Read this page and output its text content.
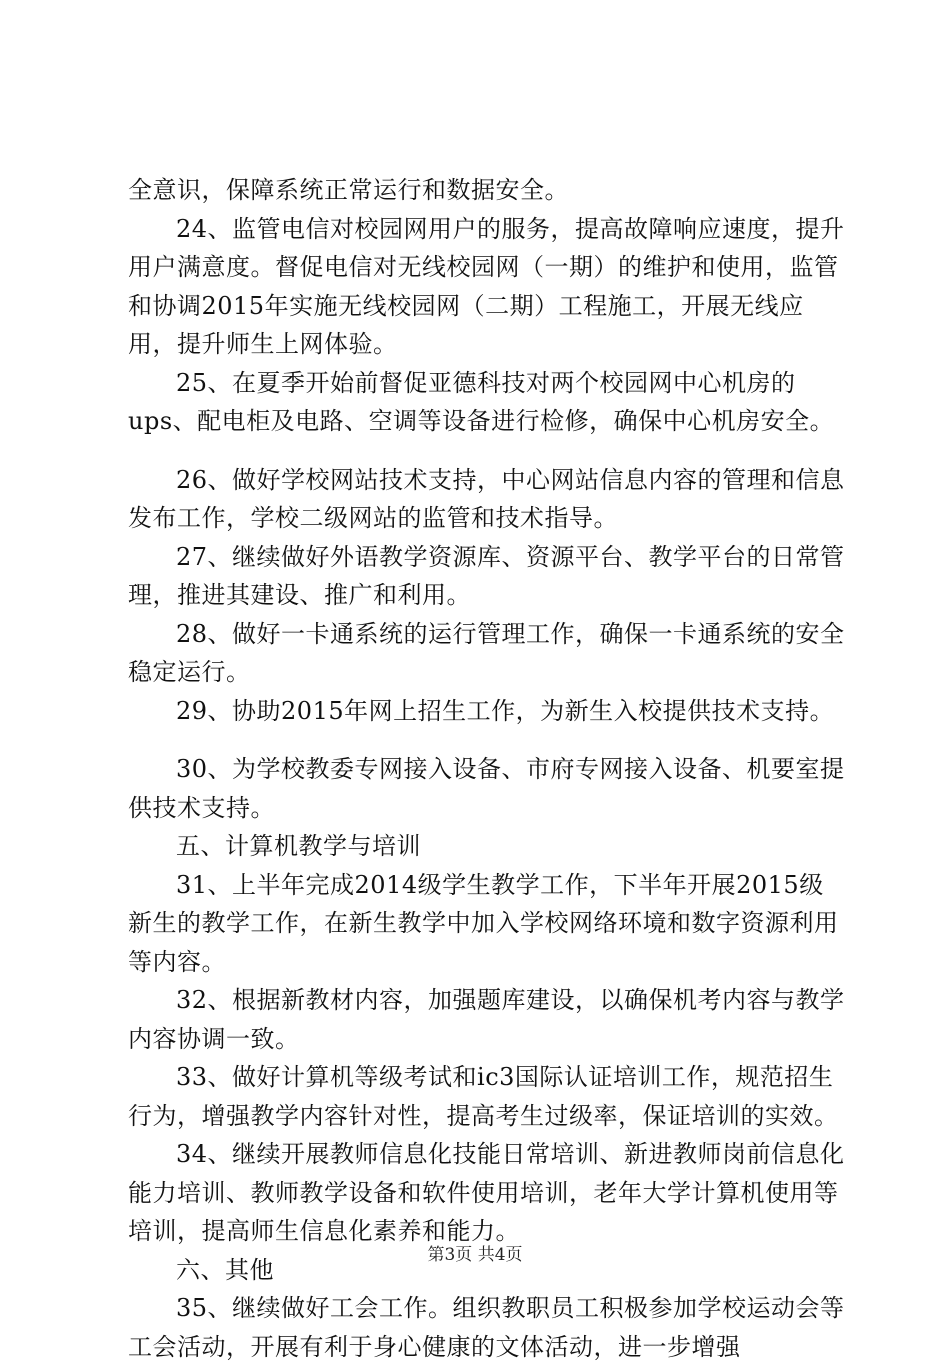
全意识，保障系统正常运行和数据安全。

24、监管电信对校园网用户的服务，提高故障响应速度，提升用户满意度。督促电信对无线校园网（一期）的维护和使用，监管和协调2015年实施无线校园网（二期）工程施工，开展无线应用，提升师生上网体验。

25、在夏季开始前督促亚德科技对两个校园网中心机房的ups、配电柜及电路、空调等设备进行检修，确保中心机房安全。

26、做好学校网站技术支持，中心网站信息内容的管理和信息发布工作，学校二级网站的监管和技术指导。

27、继续做好外语教学资源库、资源平台、教学平台的日常管理，推进其建设、推广和利用。

28、做好一卡通系统的运行管理工作，确保一卡通系统的安全稳定运行。

29、协助2015年网上招生工作，为新生入校提供技术支持。

30、为学校教委专网接入设备、市府专网接入设备、机要室提供技术支持。

五、计算机教学与培训

31、上半年完成2014级学生教学工作，下半年开展2015级新生的教学工作，在新生教学中加入学校网络环境和数字资源利用等内容。

32、根据新教材内容，加强题库建设，以确保机考内容与教学内容协调一致。

33、做好计算机等级考试和ic3国际认证培训工作，规范招生行为，增强教学内容针对性，提高考生过级率，保证培训的实效。

34、继续开展教师信息化技能日常培训、新进教师岗前信息化能力培训、教师教学设备和软件使用培训，老年大学计算机使用等培训，提高师生信息化素养和能力。

六、其他

35、继续做好工会工作。组织教职员工积极参加学校运动会等工会活动，开展有利于身心健康的文体活动，进一步增强

第3页 共4页
